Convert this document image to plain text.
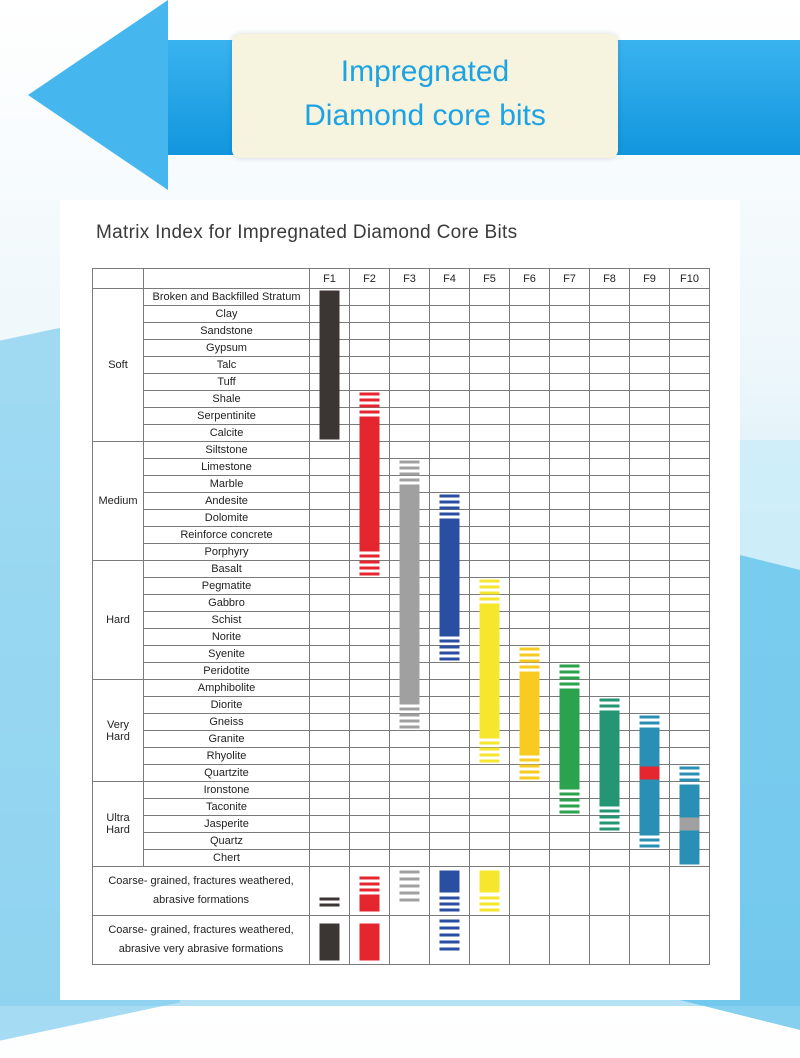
Impregnated
Diamond core bits
Matrix Index for Impregnated Diamond Core Bits
		F1	F2	F3	F4	F5	F6	F7	F8	F9	F10
Soft	Broken and Backfilled Stratum										
	Clay										
	Sandstone										
	Gypsum										
	Talc										
	Tuff										
	Shale										
	Serpentinite										
	Calcite										
Medium	Siltstone										
	Limestone										
	Marble										
	Andesite										
	Dolomite										
	Reinforce concrete										
	Porphyry										
Hard	Basalt										
	Pegmatite										
	Gabbro										
	Schist										
	Norite										
	Syenite										
	Peridotite										
Very
Hard	Amphibolite										
	Diorite										
	Gneiss										
	Granite										
	Rhyolite										
	Quartzite										
Ultra
Hard	Ironstone										
	Taconite										
	Jasperite										
	Quartz										
	Chert										
Coarse- grained, fractures weathered,
abrasive formations											
Coarse- grained, fractures weathered,
abrasive very abrasive formations											
